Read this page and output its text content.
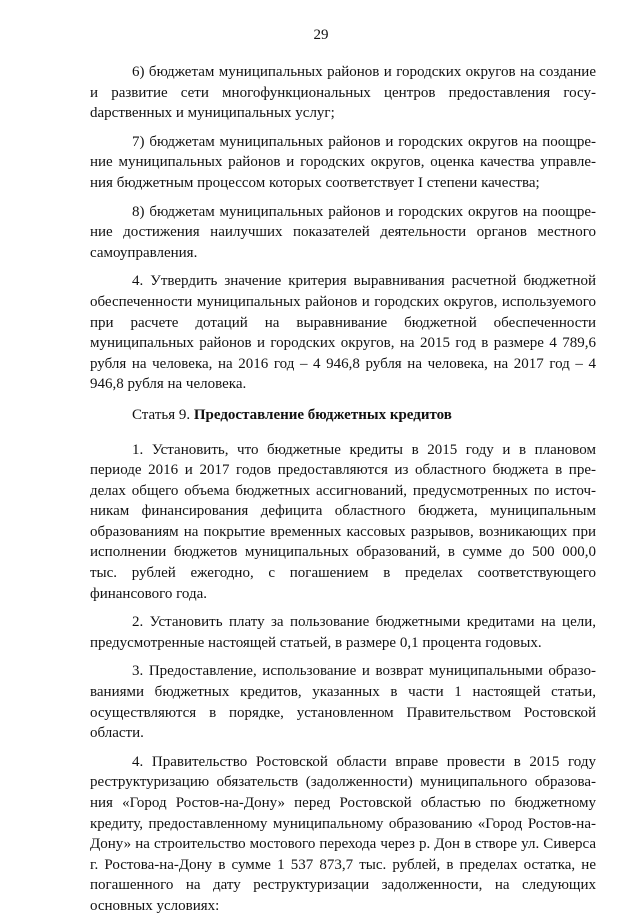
29

6) бюджетам муниципальных районов и городских округов на создание и развитие сети многофункциональных центров предоставления госуdарственных и муниципальных услуг;

7) бюджетам муниципальных районов и городских округов на поощрение муниципальных районов и городских округов, оценка качества управления бюджетным процессом которых соответствует I степени качества;

8) бюджетам муниципальных районов и городских округов на поощрение достижения наилучших показателей деятельности органов местного самоуправления.

4. Утвердить значение критерия выравнивания расчетной бюджетной обеспеченности муниципальных районов и городских округов, используемого при расчете дотаций на выравнивание бюджетной обеспеченности муниципальных районов и городских округов, на 2015 год в размере 4 789,6 рубля на человека, на 2016 год – 4 946,8 рубля на человека, на 2017 год – 4 946,8 рубля на человека.

Статья 9. Предоставление бюджетных кредитов

1. Установить, что бюджетные кредиты в 2015 году и в плановом периоде 2016 и 2017 годов предоставляются из областного бюджета в пределах общего объема бюджетных ассигнований, предусмотренных по источникам финансирования дефицита областного бюджета, муниципальным образованиям на покрытие временных кассовых разрывов, возникающих при исполнении бюджетов муниципальных образований, в сумме до 500 000,0 тыс. рублей ежегодно, с погашением в пределах соответствующего финансового года.

2. Установить плату за пользование бюджетными кредитами на цели, предусмотренные настоящей статьей, в размере 0,1 процента годовых.

3. Предоставление, использование и возврат муниципальными образованиями бюджетных кредитов, указанных в части 1 настоящей статьи, осуществляются в порядке, установленном Правительством Ростовской области.

4. Правительство Ростовской области вправе провести в 2015 году реструктуризацию обязательств (задолженности) муниципального образования «Город Ростов-на-Дону» перед Ростовской областью по бюджетному кредиту, предоставленному муниципальному образованию «Город Ростов-на-Дону» на строительство мостового перехода через р. Дон в створе ул. Сиверса г. Ростова-на-Дону в сумме 1 537 873,7 тыс. рублей, в пределах остатка, не погашенного на дату реструктуризации задолженности, на следующих основных условиях:
